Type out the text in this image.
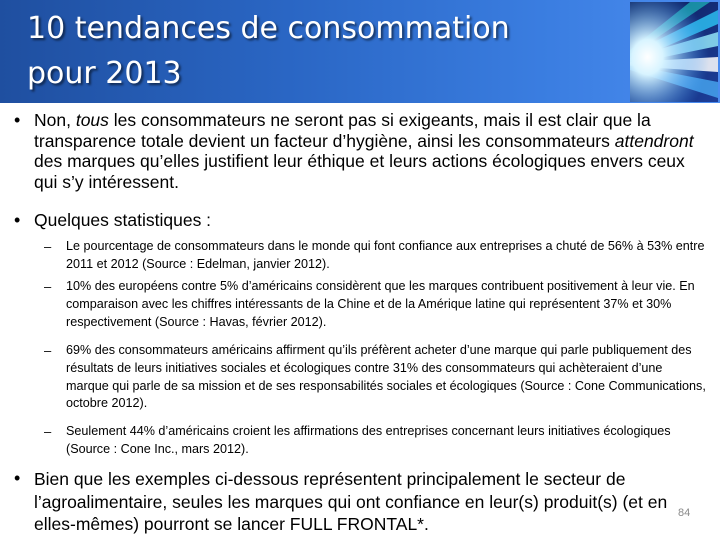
10 tendances de consommation
pour 2013
• Non, tous les consommateurs ne seront pas si exigeants, mais il est clair que la transparence totale devient un facteur d’hygiène, ainsi les consommateurs attendront des marques qu’elles justifient leur éthique et leurs actions écologiques envers ceux qui s’y intéressent.
• Quelques statistiques :
– Le pourcentage de consommateurs dans le monde qui font confiance aux entreprises a chuté de 56% à 53% entre 2011 et 2012 (Source : Edelman, janvier 2012).
– 10% des européens contre 5% d’américains considèrent que les marques contribuent positivement à leur vie. En comparaison avec les chiffres intéressants de la Chine et de la Amérique latine qui représentent 37% et 30% respectivement (Source : Havas, février 2012).
– 69% des consommateurs américains affirment qu’ils préfèrent acheter d’une marque qui parle publiquement des résultats de leurs initiatives sociales et écologiques contre 31% des consommateurs qui achèteraient d’une marque qui parle de sa mission et de ses responsabilités sociales et écologiques (Source : Cone Communications, octobre 2012).
– Seulement 44% d’américains croient les affirmations des entreprises concernant leurs initiatives écologiques (Source : Cone Inc., mars 2012).
• Bien que les exemples ci-dessous représentent principalement le secteur de l’agroalimentaire, seules les marques qui ont confiance en leur(s) produit(s) (et en elles-mêmes) pourront se lancer FULL FRONTAL*.
84
